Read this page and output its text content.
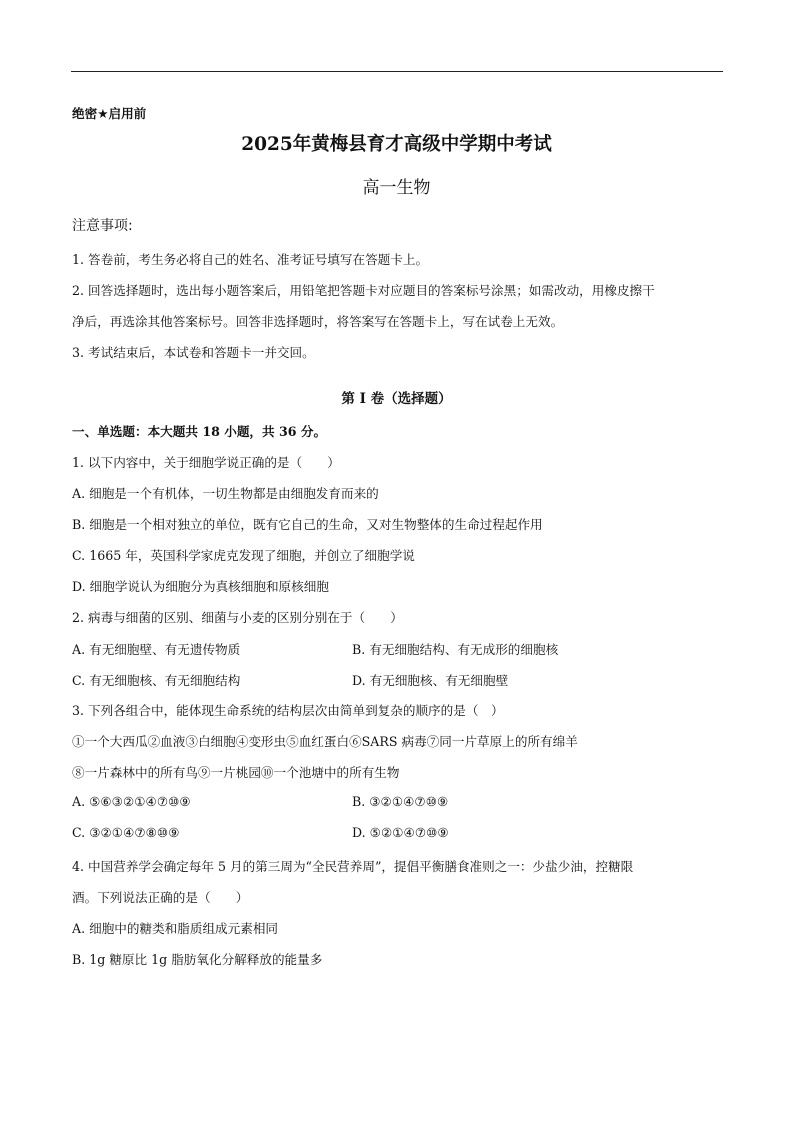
绝密★启用前
2025年黄梅县育才高级中学期中考试
高一生物
注意事项:
1. 答卷前，考生务必将自己的姓名、准考证号填写在答题卡上。
2. 回答选择题时，选出每小题答案后，用铅笔把答题卡对应题目的答案标号涂黑；如需改动，用橡皮擦干
净后，再选涂其他答案标号。回答非选择题时，将答案写在答题卡上，写在试卷上无效。
3. 考试结束后，本试卷和答题卡一并交回。
第 I 卷（选择题）
一、单选题：本大题共 18 小题，共 36 分。
1. 以下内容中，关于细胞学说正确的是（　　）
A. 细胞是一个有机体，一切生物都是由细胞发育而来的
B. 细胞是一个相对独立的单位，既有它自己的生命，又对生物整体的生命过程起作用
C. 1665 年，英国科学家虎克发现了细胞，并创立了细胞学说
D. 细胞学说认为细胞分为真核细胞和原核细胞
2. 病毒与细菌的区别、细菌与小麦的区别分别在于（　　）
A. 有无细胞壁、有无遗传物质	B. 有无细胞结构、有无成形的细胞核
C. 有无细胞核、有无细胞结构	D. 有无细胞核、有无细胞壁
3. 下列各组合中，能体现生命系统的结构层次由简单到复杂的顺序的是（　）
①一个大西瓜②血液③白细胞④变形虫⑤血红蛋白⑥SARS 病毒⑦同一片草原上的所有绵羊
⑧一片森林中的所有鸟⑨一片桃园⑩一个池塘中的所有生物
A. ⑤⑥③②①④⑦⑩⑨	B. ③②①④⑦⑩⑨
C. ③②①④⑦⑧⑩⑨	D. ⑤②①④⑦⑩⑨
4. 中国营养学会确定每年 5 月的第三周为“全民营养周”，提倡平衡膳食准则之一：少盐少油，控糖限
酒。下列说法正确的是（　　）
A. 细胞中的糖类和脂质组成元素相同
B. 1g 糖原比 1g 脂肪氧化分解释放的能量多
